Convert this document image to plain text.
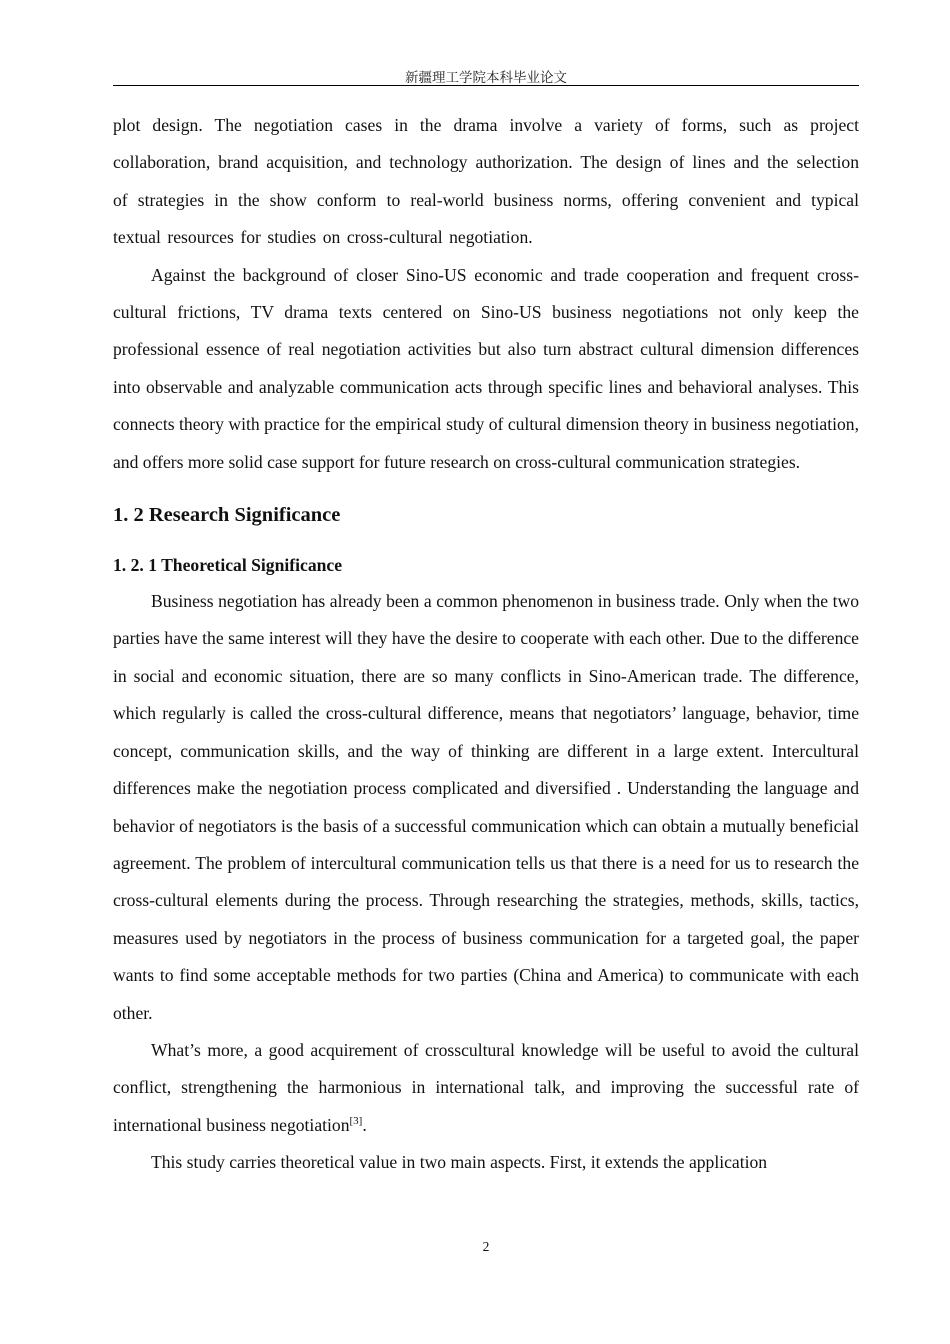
新疆理工学院本科毕业论文

plot design. The negotiation cases in the drama involve a variety of forms, such as project collaboration, brand acquisition, and technology authorization. The design of lines and the selection of strategies in the show conform to real-world business norms, offering convenient and typical textual resources for studies on cross-cultural negotiation.

Against the background of closer Sino-US economic and trade cooperation and frequent cross-cultural frictions, TV drama texts centered on Sino-US business negotiations not only keep the professional essence of real negotiation activities but also turn abstract cultural dimension differences into observable and analyzable communication acts through specific lines and behavioral analyses. This connects theory with practice for the empirical study of cultural dimension theory in business negotiation, and offers more solid case support for future research on cross-cultural communication strategies.

1. 2 Research Significance
1. 2. 1 Theoretical Significance

Business negotiation has already been a common phenomenon in business trade. Only when the two parties have the same interest will they have the desire to cooperate with each other. Due to the difference in social and economic situation, there are so many conflicts in Sino-American trade. The difference, which regularly is called the cross-cultural difference, means that negotiators’ language, behavior, time concept, communication skills, and the way of thinking are different in a large extent. Intercultural differences make the negotiation process complicated and diversified . Understanding the language and behavior of negotiators is the basis of a successful communication which can obtain a mutually beneficial agreement. The problem of intercultural communication tells us that there is a need for us to research the cross-cultural elements during the process. Through researching the strategies, methods, skills, tactics, measures used by negotiators in the process of business communication for a targeted goal, the paper wants to find some acceptable methods for two parties (China and America) to communicate with each other.

What’s more, a good acquirement of crosscultural knowledge will be useful to avoid the cultural conflict, strengthening the harmonious in international talk, and improving the successful rate of international business negotiation[3].

This study carries theoretical value in two main aspects. First, it extends the application

2
